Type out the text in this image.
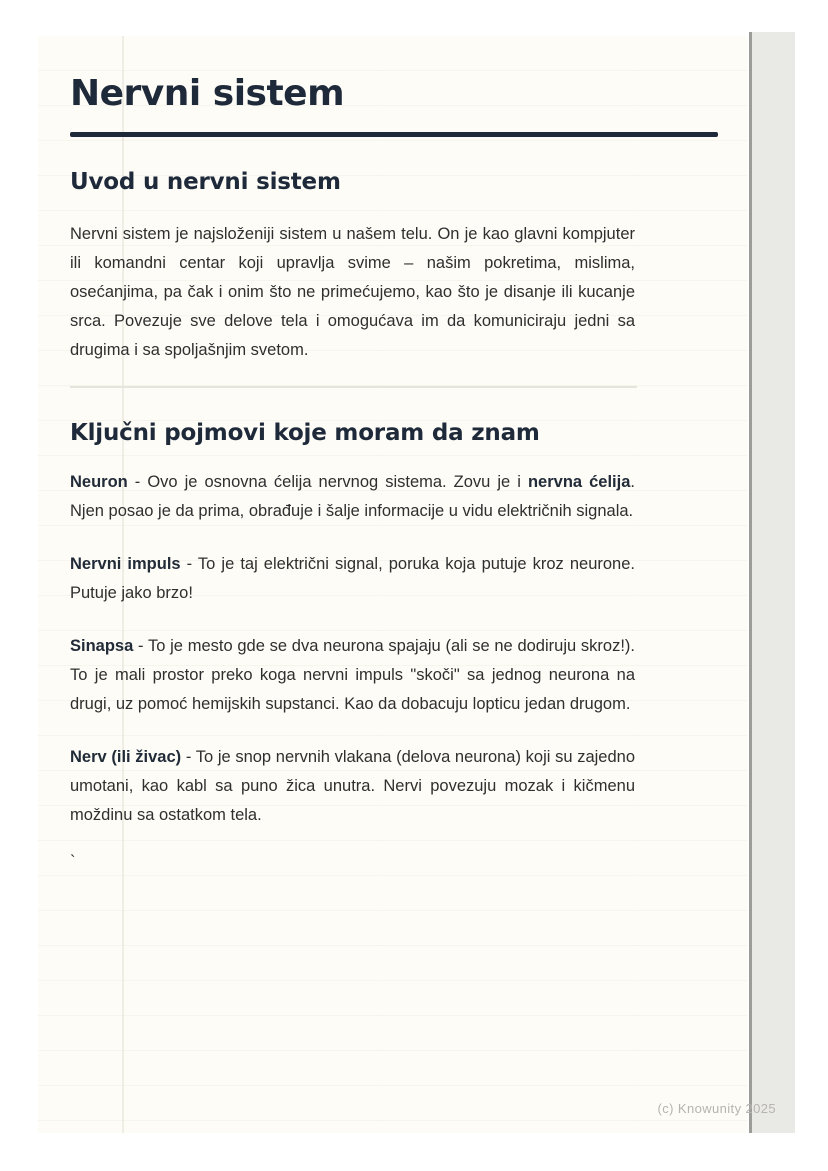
Nervni sistem
Uvod u nervni sistem

Nervni sistem je najsloženiji sistem u našem telu. On je kao glavni kompjuter ili komandni centar koji upravlja svime – našim pokretima, mislima, osećanjima, pa čak i onim što ne primećujemo, kao što je disanje ili kucanje srca. Povezuje sve delove tela i omogućava im da komuniciraju jedni sa drugima i sa spoljašnjim svetom.

Ključni pojmovi koje moram da znam

Neuron - Ovo je osnovna ćelija nervnog sistema. Zovu je i nervna ćelija. Njen posao je da prima, obrađuje i šalje informacije u vidu električnih signala.

Nervni impuls - To je taj električni signal, poruka koja putuje kroz neurone. Putuje jako brzo!

Sinapsa - To je mesto gde se dva neurona spajaju (ali se ne dodiruju skroz!). To je mali prostor preko koga nervni impuls "skoči" sa jednog neurona na drugi, uz pomoć hemijskih supstanci. Kao da dobacuju lopticu jedan drugom.

Nerv (ili živac) - To je snop nervnih vlakana (delova neurona) koji su zajedno umotani, kao kabl sa puno žica unutra. Nervi povezuju mozak i kičmenu moždinu sa ostatkom tela.

`

(c) Knowunity 2025
